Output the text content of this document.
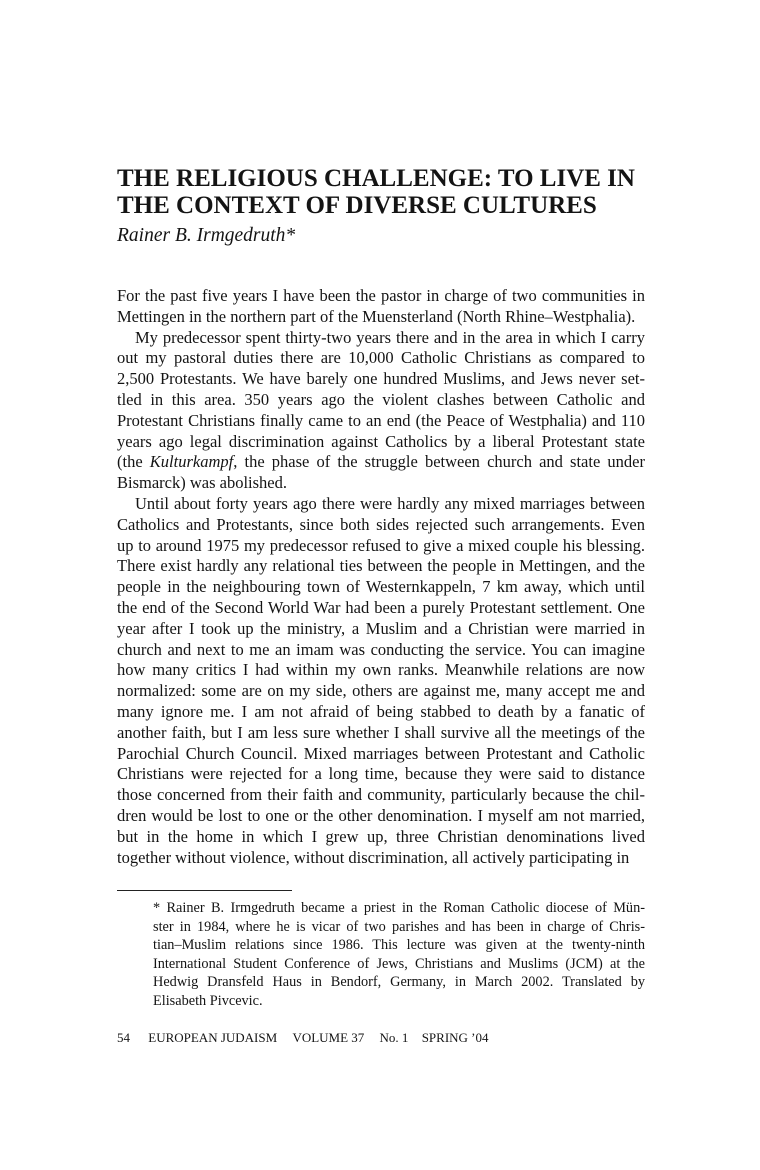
THE RELIGIOUS CHALLENGE: TO LIVE IN THE CONTEXT OF DIVERSE CULTURES
Rainer B. Irmgedruth*
For the past five years I have been the pastor in charge of two communities in
Mettingen in the northern part of the Muensterland (North Rhine–Westphalia).
My predecessor spent thirty-two years there and in the area in which I carry
out my pastoral duties there are 10,000 Catholic Christians as compared to
2,500 Protestants. We have barely one hundred Muslims, and Jews never set-
tled in this area. 350 years ago the violent clashes between Catholic and
Protestant Christians finally came to an end (the Peace of Westphalia) and 110
years ago legal discrimination against Catholics by a liberal Protestant state
(the Kulturkampf, the phase of the struggle between church and state under
Bismarck) was abolished.
Until about forty years ago there were hardly any mixed marriages between
Catholics and Protestants, since both sides rejected such arrangements. Even
up to around 1975 my predecessor refused to give a mixed couple his blessing.
There exist hardly any relational ties between the people in Mettingen, and the
people in the neighbouring town of Westernkappeln, 7 km away, which until
the end of the Second World War had been a purely Protestant settlement. One
year after I took up the ministry, a Muslim and a Christian were married in
church and next to me an imam was conducting the service. You can imagine
how many critics I had within my own ranks. Meanwhile relations are now
normalized: some are on my side, others are against me, many accept me and
many ignore me. I am not afraid of being stabbed to death by a fanatic of
another faith, but I am less sure whether I shall survive all the meetings of the
Parochial Church Council. Mixed marriages between Protestant and Catholic
Christians were rejected for a long time, because they were said to distance
those concerned from their faith and community, particularly because the chil-
dren would be lost to one or the other denomination. I myself am not married,
but in the home in which I grew up, three Christian denominations lived
together without violence, without discrimination, all actively participating in
* Rainer B. Irmgedruth became a priest in the Roman Catholic diocese of Mün-
ster in 1984, where he is vicar of two parishes and has been in charge of Chris-
tian–Muslim relations since 1986. This lecture was given at the twenty-ninth
International Student Conference of Jews, Christians and Muslims (JCM) at the
Hedwig Dransfeld Haus in Bendorf, Germany, in March 2002. Translated by
Elisabeth Pivcevic.
54 EUROPEAN JUDAISM VOLUME 37 No. 1 SPRING ’04
